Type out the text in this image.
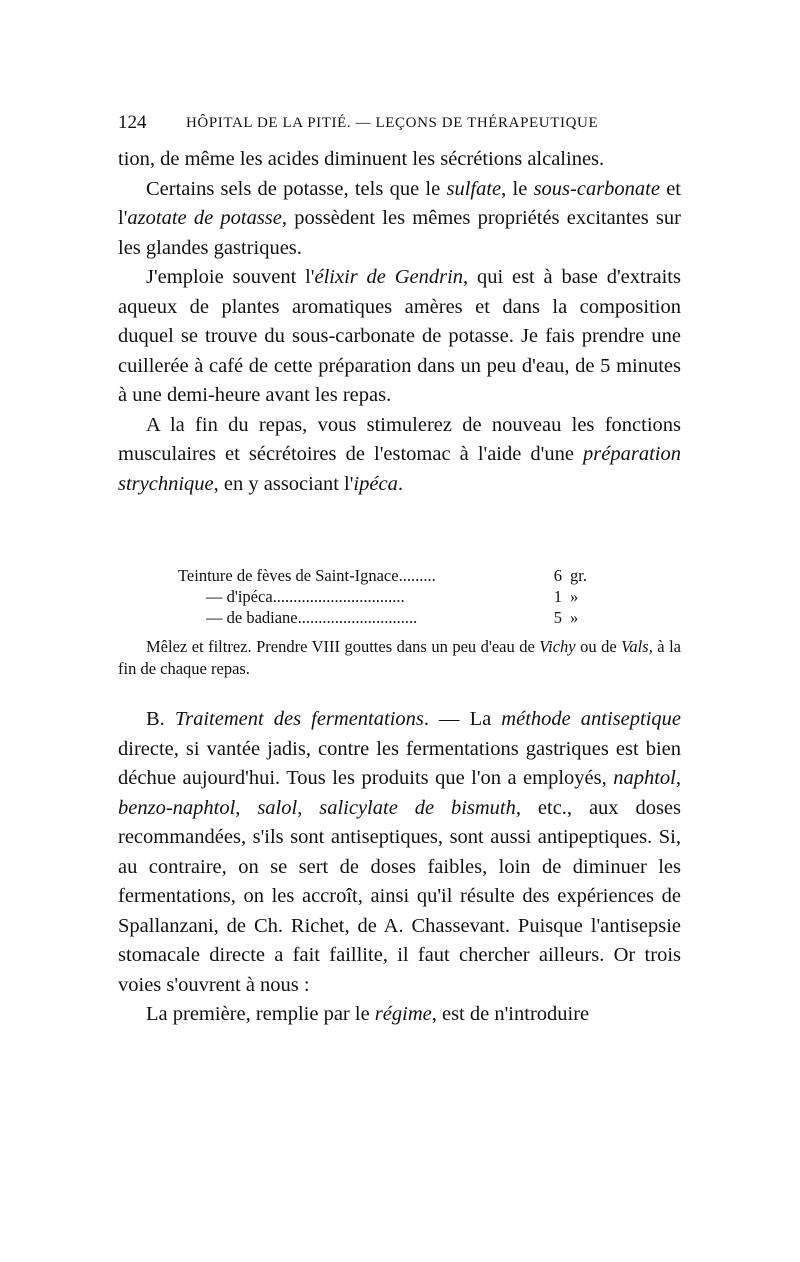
124	HÔPITAL DE LA PITIÉ. — LEÇONS DE THÉRAPEUTIQUE

tion, de même les acides diminuent les sécrétions alcalines.

Certains sels de potasse, tels que le sulfate, le sous-carbonate et l'azotate de potasse, possèdent les mêmes propriétés excitantes sur les glandes gastriques.

J'emploie souvent l'élixir de Gendrin, qui est à base d'extraits aqueux de plantes aromatiques amères et dans la composition duquel se trouve du sous-carbonate de potasse. Je fais prendre une cuillerée à café de cette préparation dans un peu d'eau, de 5 minutes à une demi-heure avant les repas.

A la fin du repas, vous stimulerez de nouveau les fonctions musculaires et sécrétoires de l'estomac à l'aide d'une préparation strychnique, en y associant l'ipéca.

Teinture de fèves de Saint-Ignace.........	6 gr.
— d'ipéca................................	1 »
— de badiane.............................	5 »

Mêlez et filtrez. Prendre VIII gouttes dans un peu d'eau de Vichy ou de Vals, à la fin de chaque repas.

B. Traitement des fermentations. — La méthode antiseptique directe, si vantée jadis, contre les fermentations gastriques est bien déchue aujourd'hui. Tous les produits que l'on a employés, naphtol, benzo-naphtol, salol, salicylate de bismuth, etc., aux doses recommandées, s'ils sont antiseptiques, sont aussi antipeptiques. Si, au contraire, on se sert de doses faibles, loin de diminuer les fermentations, on les accroît, ainsi qu'il résulte des expériences de Spallanzani, de Ch. Richet, de A. Chassevant. Puisque l'antisepsie stomacale directe a fait faillite, il faut chercher ailleurs. Or trois voies s'ouvrent à nous :

La première, remplie par le régime, est de n'introduire
